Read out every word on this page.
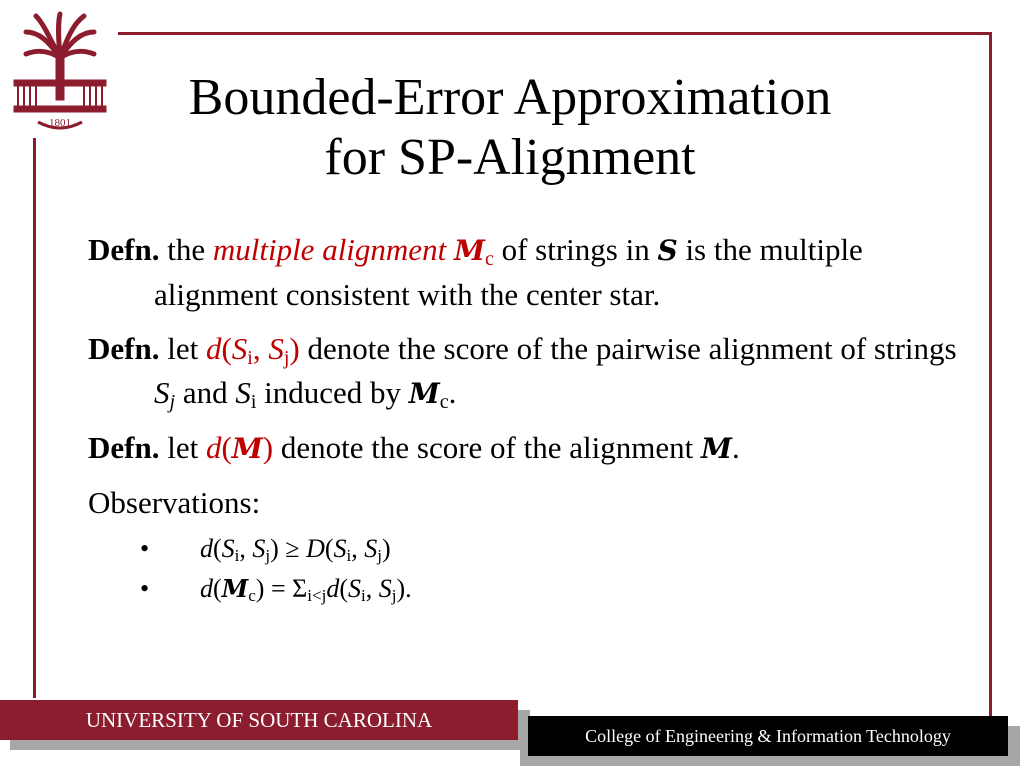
1801	Bounded-Error Approximation
for SP-Alignment

Defn. the multiple alignment $M_c$ of strings in S is the multiple alignment consistent with the center star.

Defn. let $d(S_i$, $S_j$) denote the score of the pairwise alignment of strings $S_j$ and $S_i$ induced by $M_c$.

Defn. let d(M) denote the score of the alignment M.

Observations:
• $d(S_i$, $S_j) \ge D(S_i$, $S_j$)
• $d(M_c) = \Sigma_{i<j}d(S_i$, $S_j$).
UNIVERSITY OF SOUTH CAROLINA
College of Engineering & Information Technology
